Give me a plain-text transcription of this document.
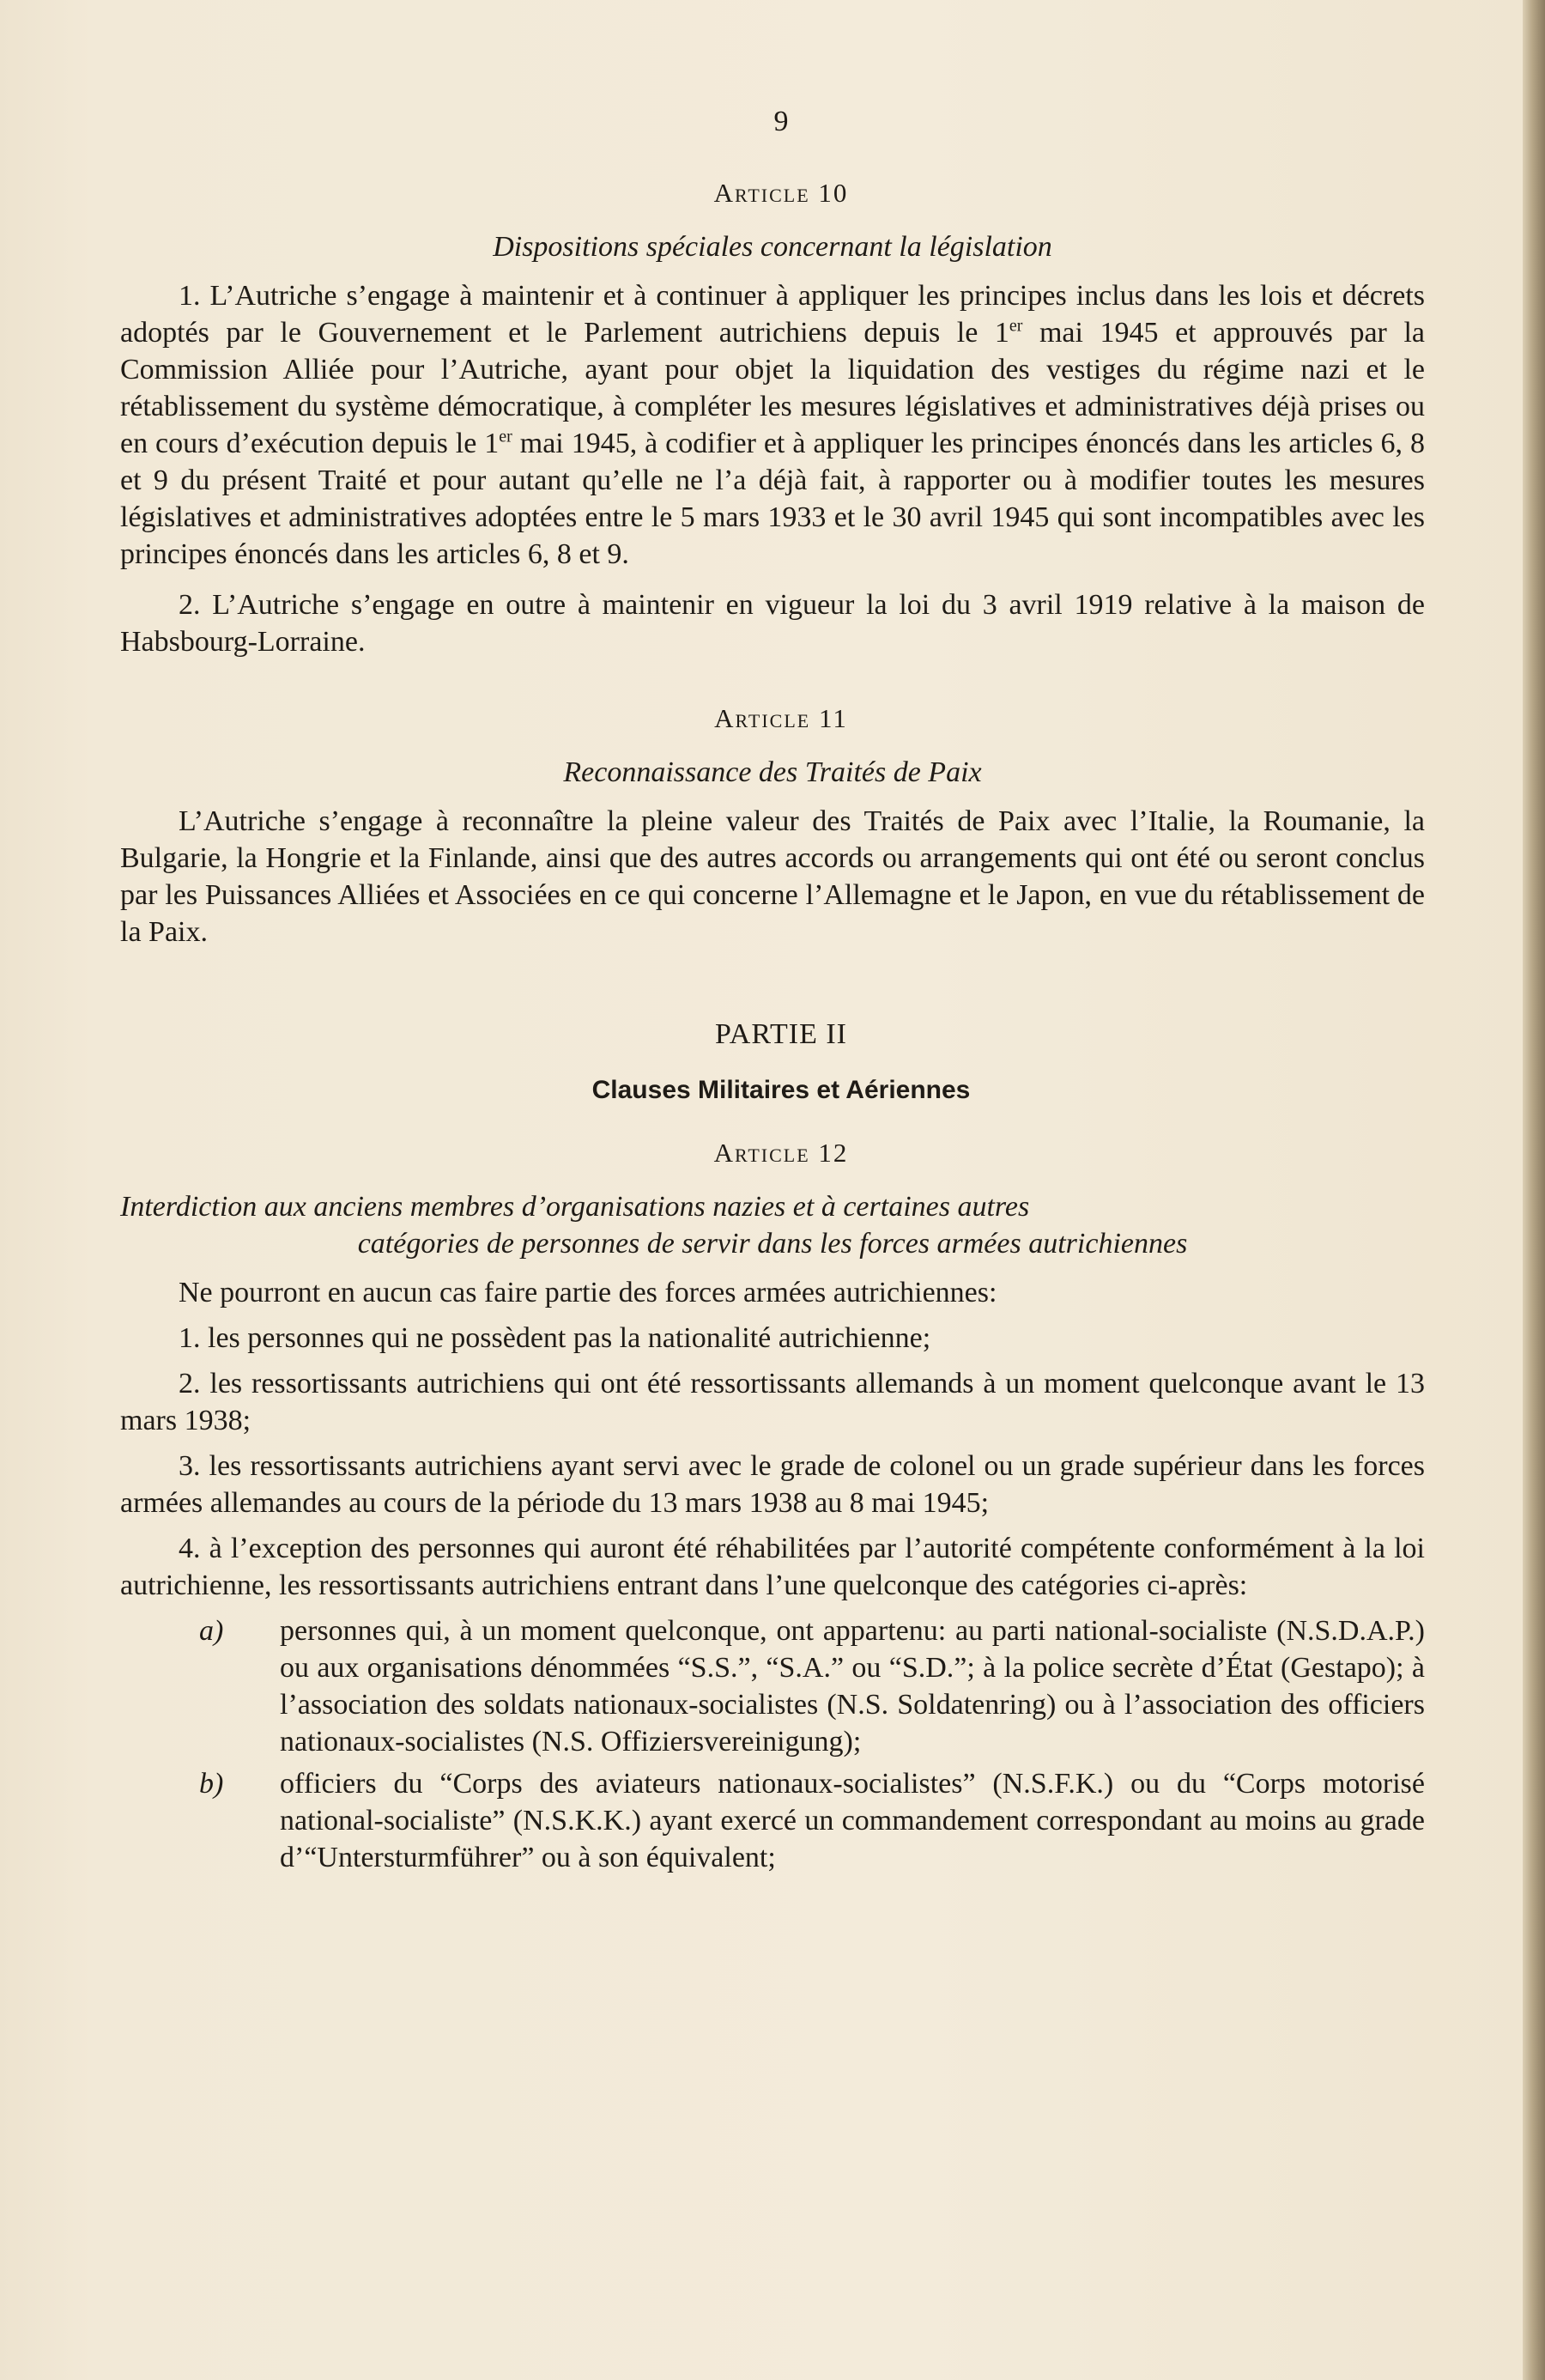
9
Article 10
Dispositions spéciales concernant la législation

1. L’Autriche s’engage à maintenir et à continuer à appliquer les principes inclus dans les lois et décrets adoptés par le Gouvernement et le Parlement autrichiens depuis le 1er mai 1945 et approuvés par la Commission Alliée pour l’Autriche, ayant pour objet la liquidation des vestiges du régime nazi et le rétablissement du système démocratique, à compléter les mesures législatives et administratives déjà prises ou en cours d’exécution depuis le 1er mai 1945, à codifier et à appliquer les principes énoncés dans les articles 6, 8 et 9 du présent Traité et pour autant qu’elle ne l’a déjà fait, à rapporter ou à modifier toutes les mesures législatives et administratives adoptées entre le 5 mars 1933 et le 30 avril 1945 qui sont incompatibles avec les principes énoncés dans les articles 6, 8 et 9.

2. L’Autriche s’engage en outre à maintenir en vigueur la loi du 3 avril 1919 relative à la maison de Habsbourg-Lorraine.

Article 11
Reconnaissance des Traités de Paix

L’Autriche s’engage à reconnaître la pleine valeur des Traités de Paix avec l’Italie, la Roumanie, la Bulgarie, la Hongrie et la Finlande, ainsi que des autres accords ou arrangements qui ont été ou seront conclus par les Puissances Alliées et Associées en ce qui concerne l’Allemagne et le Japon, en vue du rétablissement de la Paix.

PARTIE II
Clauses Militaires et Aériennes
Article 12
Interdiction aux anciens membres d’organisations nazies et à certaines autres
catégories de personnes de servir dans les forces armées autrichiennes

Ne pourront en aucun cas faire partie des forces armées autrichiennes:

1. les personnes qui ne possèdent pas la nationalité autrichienne;

2. les ressortissants autrichiens qui ont été ressortissants allemands à un moment quelconque avant le 13 mars 1938;

3. les ressortissants autrichiens ayant servi avec le grade de colonel ou un grade supérieur dans les forces armées allemandes au cours de la période du 13 mars 1938 au 8 mai 1945;

4. à l’exception des personnes qui auront été réhabilitées par l’autorité compétente conformément à la loi autrichienne, les ressortissants autrichiens entrant dans l’une quelconque des catégories ci-après:

a)	personnes qui, à un moment quelconque, ont appartenu: au parti national-socialiste (N.S.D.A.P.) ou aux organisations dénommées “S.S.”, “S.A.” ou “S.D.”; à la police secrète d’État (Gestapo); à l’association des soldats nationaux-socialistes (N.S. Soldatenring) ou à l’association des officiers nationaux-socialistes (N.S. Offiziersvereinigung);
b)	officiers du “Corps des aviateurs nationaux-socialistes” (N.S.F.K.) ou du “Corps motorisé national-socialiste” (N.S.K.K.) ayant exercé un commandement correspondant au moins au grade d’“Untersturmführer” ou à son équivalent;
